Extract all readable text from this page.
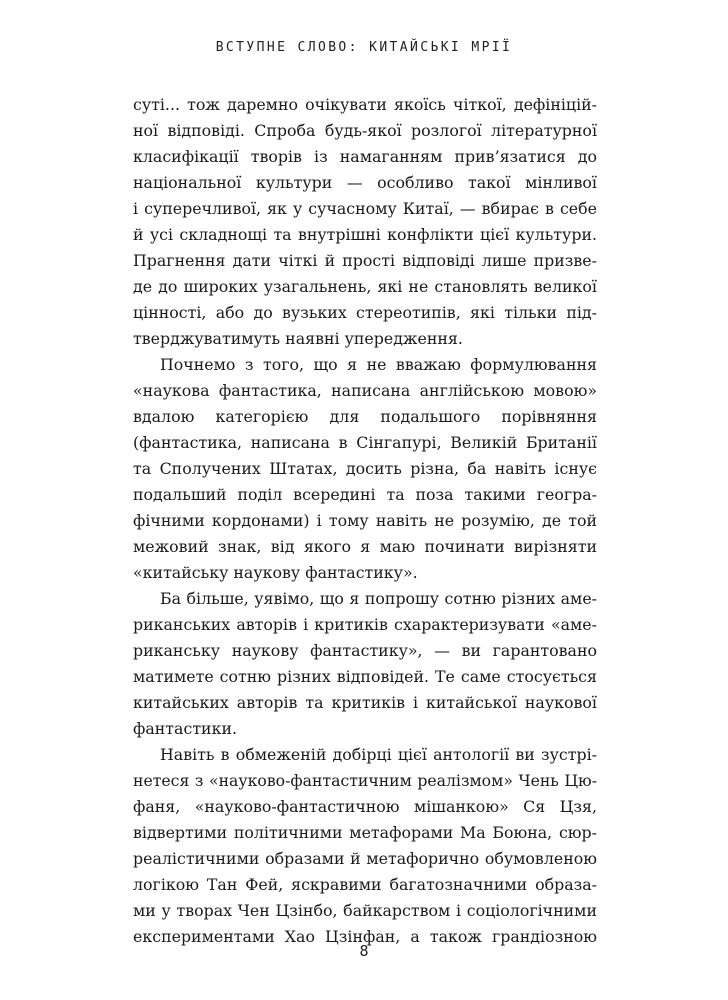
ВСТУПНЕ СЛОВО: КИТАЙСЬКІ МРІЇ
суті... тож даремно очікувати якоїсь чіткої, дефініцій-
ної відповіді. Спроба будь-якої розлогої літературної
класифікації творів із намаганням прив’язатися до
національної культури — особливо такої мінливої
і суперечливої, як у сучасному Китаї, — вбирає в себе
й усі складнощі та внутрішні конфлікти цієї культури.
Прагнення дати чіткі й прості відповіді лише призве-
де до широких узагальнень, які не становлять великої
цінності, або до вузьких стереотипів, які тільки під-
тверджуватимуть наявні упередження.
Почнемо з того, що я не вважаю формулювання
«наукова фантастика, написана англійською мовою»
вдалою категорією для подальшого порівняння
(фантастика, написана в Сінгапурі, Великій Британії
та Сполучених Штатах, досить різна, ба навіть існує
подальший поділ всередині та поза такими геогра-
фічними кордонами) і тому навіть не розумію, де той
межовий знак, від якого я маю починати вирізняти
«китайську наукову фантастику».
Ба більше, уявімо, що я попрошу сотню різних аме-
риканських авторів і критиків схарактеризувати «аме-
риканську наукову фантастику», — ви гарантовано
матимете сотню різних відповідей. Те саме стосується
китайських авторів та критиків і китайської наукової
фантастики.
Навіть в обмеженій добірці цієї антології ви зустрі-
нетеся з «науково-фантастичним реалізмом» Чень Цю-
фаня, «науково-фантастичною мішанкою» Ся Цзя,
відвертими політичними метафорами Ма Боюна, сюр-
реалістичними образами й метафорично обумовленою
логікою Тан Фей, яскравими багатозначними образа-
ми у творах Чен Цзінбо, байкарством і соціологічними
експериментами Хао Цзінфан, а також грандіозною
8
